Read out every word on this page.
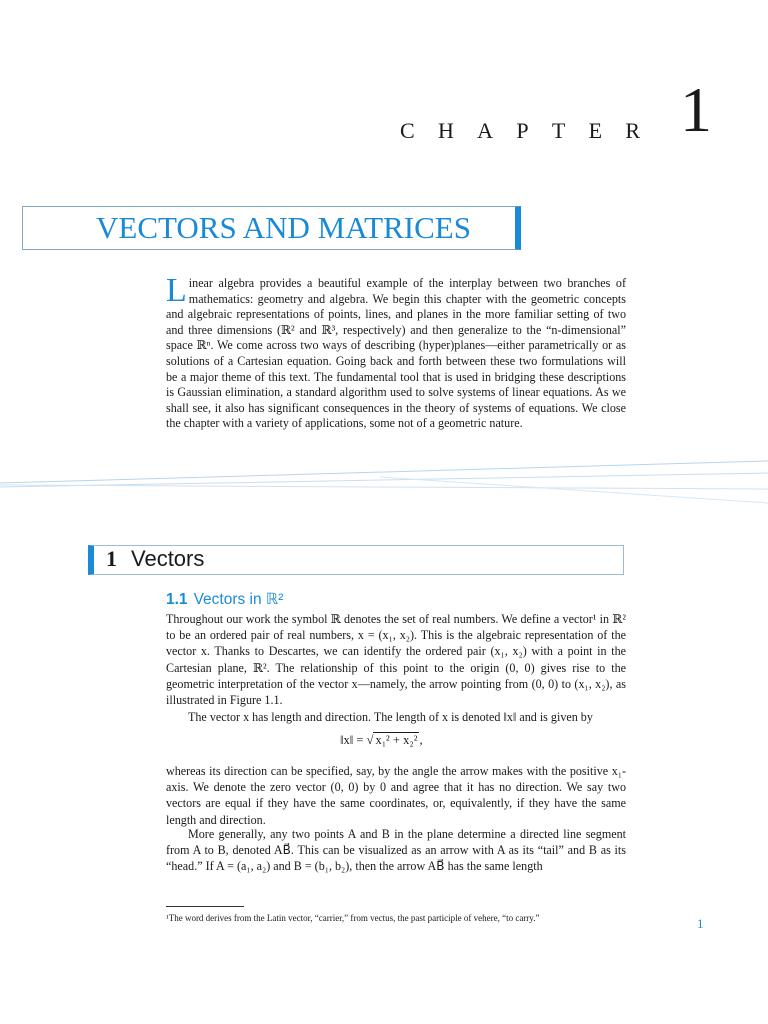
C H A P T E R 1
VECTORS AND MATRICES
L inear algebra provides a beautiful example of the interplay between two branches of mathematics: geometry and algebra. We begin this chapter with the geometric concepts and algebraic representations of points, lines, and planes in the more familiar setting of two and three dimensions (ℝ² and ℝ³, respectively) and then generalize to the “n-dimensional” space ℝⁿ. We come across two ways of describing (hyper)planes—either parametrically or as solutions of a Cartesian equation. Going back and forth between these two formulations will be a major theme of this text. The fundamental tool that is used in bridging these descriptions is Gaussian elimination, a standard algorithm used to solve systems of linear equations. As we shall see, it also has significant consequences in the theory of systems of equations. We close the chapter with a variety of applications, some not of a geometric nature.
1 Vectors
1.1 Vectors in ℝ²

Throughout our work the symbol ℝ denotes the set of real numbers. We define a vector¹ in ℝ² to be an ordered pair of real numbers, x = (x₁, x₂). This is the algebraic representation of the vector x. Thanks to Descartes, we can identify the ordered pair (x₁, x₂) with a point in the Cartesian plane, ℝ². The relationship of this point to the origin (0, 0) gives rise to the geometric interpretation of the vector x—namely, the arrow pointing from (0, 0) to (x₁, x₂), as illustrated in Figure 1.1.

The vector x has length and direction. The length of x is denoted ‖x‖ and is given by

‖x‖ = √ x₁² + x₂² ,

whereas its direction can be specified, say, by the angle the arrow makes with the positive x₁-axis. We denote the zero vector (0, 0) by 0 and agree that it has no direction. We say two vectors are equal if they have the same coordinates, or, equivalently, if they have the same length and direction.

More generally, any two points A and B in the plane determine a directed line segment from A to B, denoted AB⃗. This can be visualized as an arrow with A as its “tail” and B as its “head.” If A = (a₁, a₂) and B = (b₁, b₂), then the arrow AB⃗ has the same length

¹The word derives from the Latin vector, “carrier,” from vectus, the past participle of vehere, “to carry.”	1
